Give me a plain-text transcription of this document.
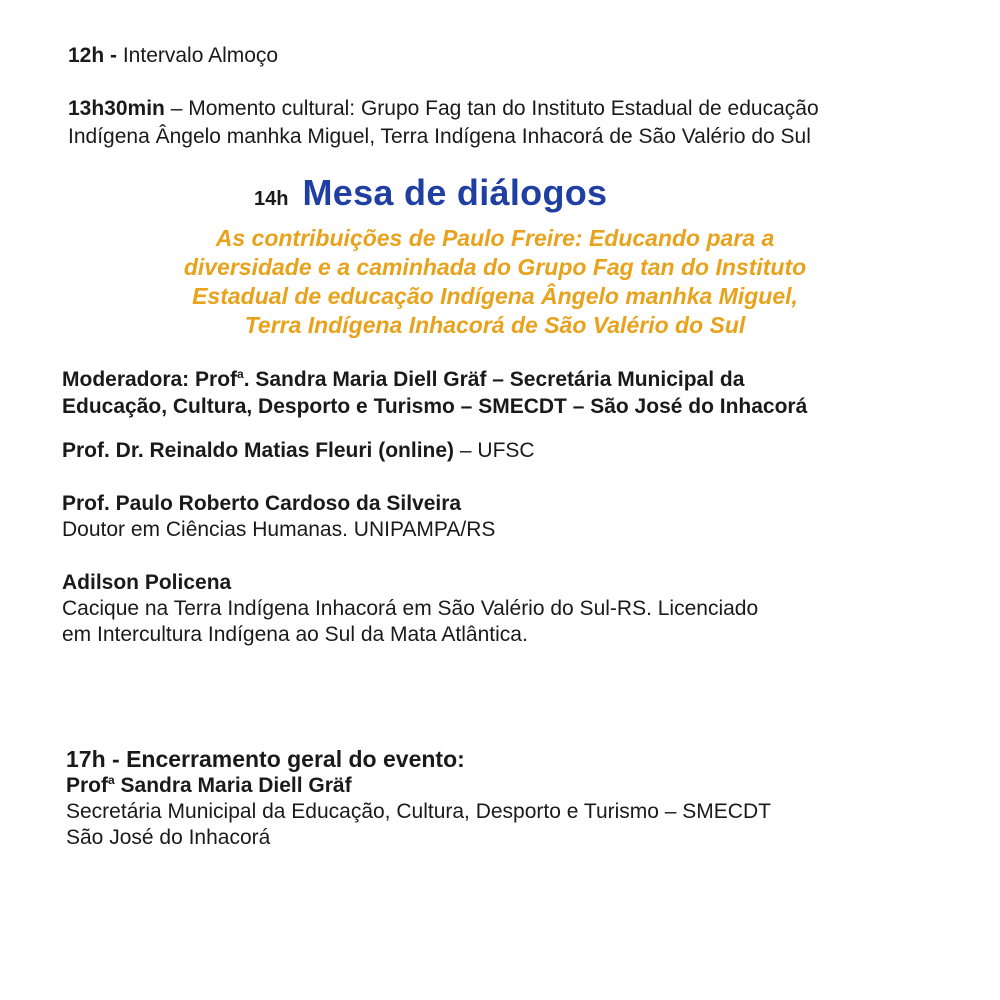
12h - Intervalo Almoço
13h30min – Momento cultural: Grupo Fag tan do Instituto Estadual de educação
Indígena Ângelo manhka Miguel, Terra Indígena Inhacorá de São Valério do Sul
14h Mesa de diálogos
As contribuições de Paulo Freire: Educando para a
diversidade e a caminhada do Grupo Fag tan do Instituto
Estadual de educação Indígena Ângelo manhka Miguel,
Terra Indígena Inhacorá de São Valério do Sul
Moderadora: Prof$^a$. Sandra Maria Diell Gräf – Secretária Municipal da
Educação, Cultura, Desporto e Turismo – SMECDT – São José do Inhacorá
Prof. Dr. Reinaldo Matias Fleuri (online) – UFSC
Prof. Paulo Roberto Cardoso da Silveira
Doutor em Ciências Humanas. UNIPAMPA/RS
Adilson Policena
Cacique na Terra Indígena Inhacorá em São Valério do Sul-RS. Licenciado
em Intercultura Indígena ao Sul da Mata Atlântica.
17h - Encerramento geral do evento:
Prof$^a$ Sandra Maria Diell Gräf
Secretária Municipal da Educação, Cultura, Desporto e Turismo – SMECDT
São José do Inhacorá
